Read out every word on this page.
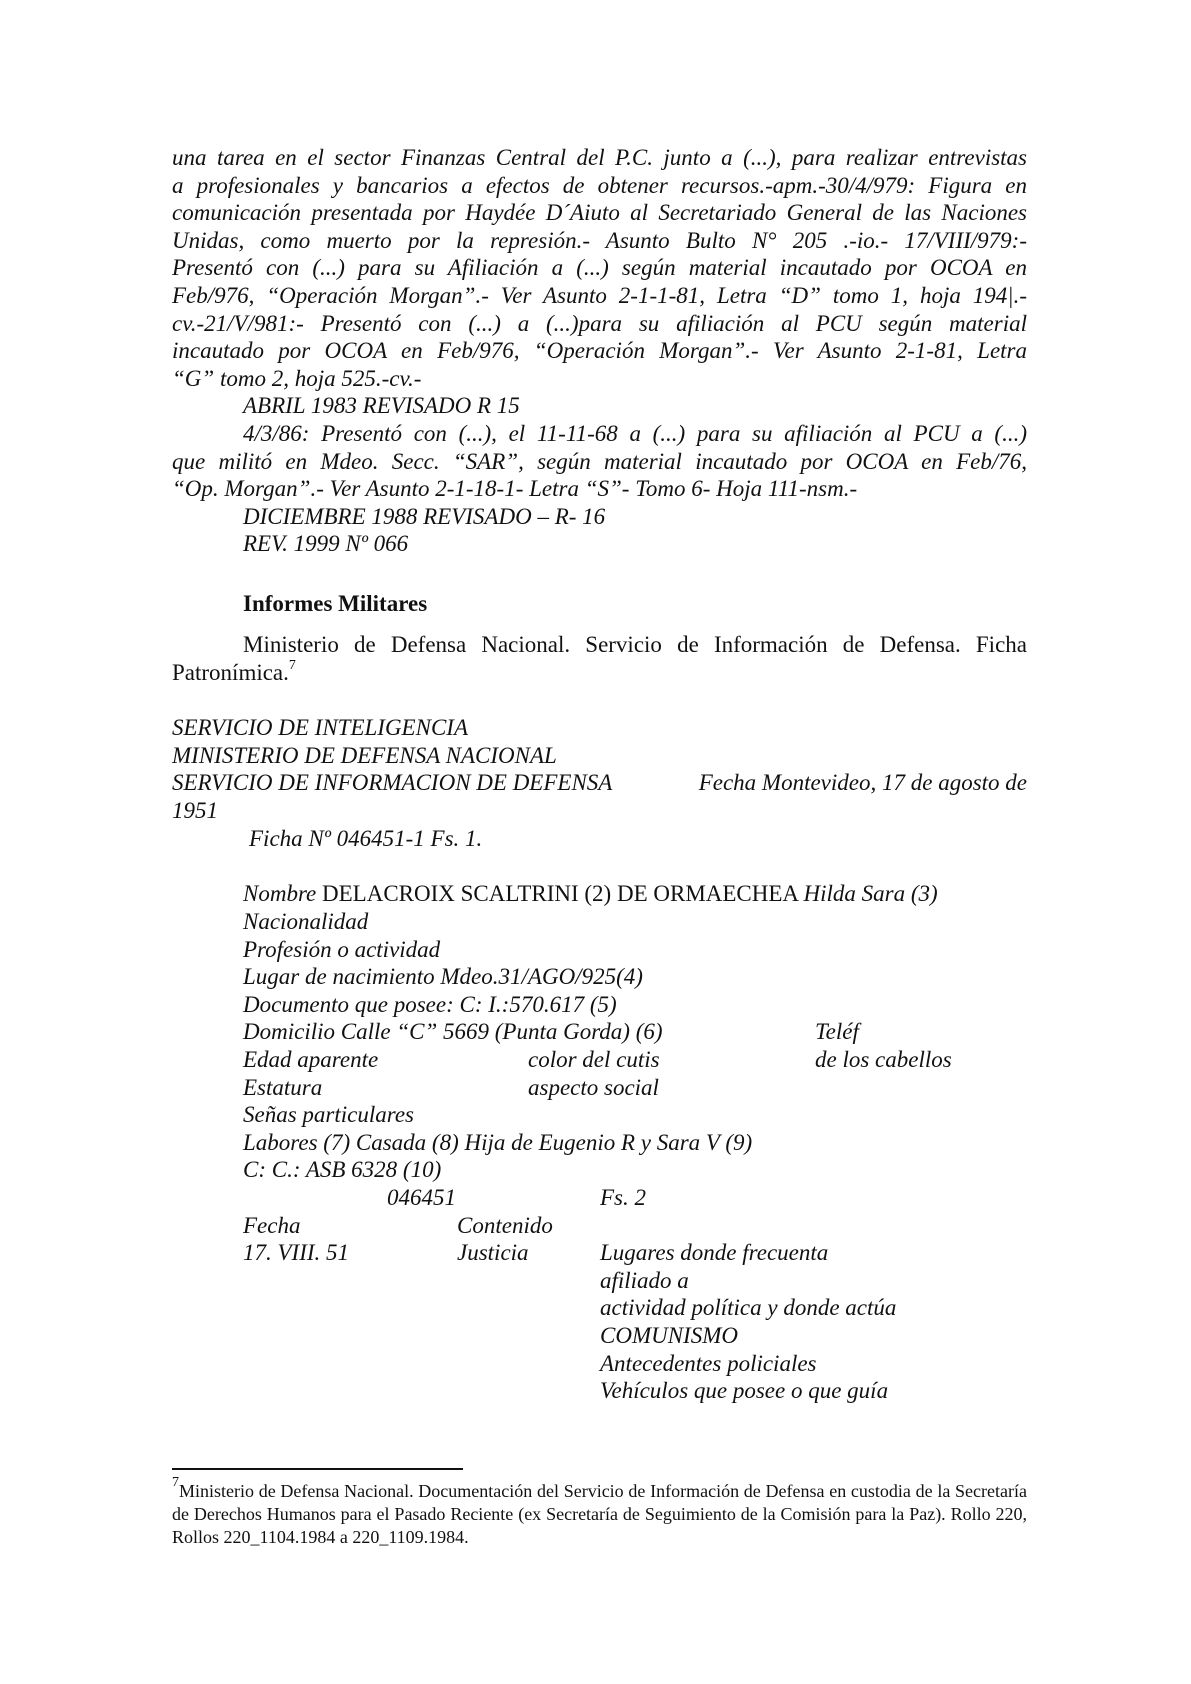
una tarea en el sector Finanzas Central del P.C. junto a (...), para realizar entrevistas
a profesionales y bancarios a efectos de obtener recursos.-apm.-30/4/979: Figura en
comunicación presentada por Haydée D´Aiuto al Secretariado General de las Naciones
Unidas, como muerto por la represión.- Asunto Bulto N° 205 .-io.- 17/VIII/979:-
Presentó con (...) para su Afiliación a (...) según material incautado por OCOA en
Feb/976, “Operación Morgan”.- Ver Asunto 2-1-1-81, Letra “D” tomo 1, hoja 194|.-
cv.-21/V/981:- Presentó con (...) a (...)para su afiliación al PCU según material
incautado por OCOA en Feb/976, “Operación Morgan”.- Ver Asunto 2-1-81, Letra
“G” tomo 2, hoja 525.-cv.-
ABRIL 1983 REVISADO R 15
4/3/86: Presentó con (...), el 11-11-68 a (...) para su afiliación al PCU a (...)
que militó en Mdeo. Secc. “SAR”, según material incautado por OCOA en Feb/76,
“Op. Morgan”.- Ver Asunto 2-1-18-1- Letra “S”- Tomo 6- Hoja 111-nsm.-
DICIEMBRE 1988 REVISADO – R- 16
REV. 1999 Nº 066
Informes Militares
Ministerio de Defensa Nacional. Servicio de Información de Defensa. Ficha
Patronímica.$^7$
SERVICIO DE INTELIGENCIA
MINISTERIO DE DEFENSA NACIONAL
SERVICIO DE INFORMACION DE DEFENSA	Fecha Montevideo, 17 de agosto de
1951
Ficha Nº 046451-1 Fs. 1.
Nombre DELACROIX SCALTRINI (2) DE ORMAECHEA Hilda Sara (3)
Nacionalidad
Profesión o actividad
Lugar de nacimiento Mdeo.31/AGO/925(4)
Documento que posee: C: I.:570.617 (5)
Domicilio Calle “C” 5669 (Punta Gorda) (6)	Teléf
Edad aparente	color del cutis	de los cabellos
Estatura	aspecto social
Señas particulares
Labores (7) Casada (8) Hija de Eugenio R y Sara V (9)
C: C.: ASB 6328 (10)
046451	Fs. 2
Fecha	Contenido
17. VIII. 51	Justicia	Lugares donde frecuenta
afiliado a
actividad política y donde actúa
COMUNISMO
Antecedentes policiales
Vehículos que posee o que guía
$^7$Ministerio de Defensa Nacional. Documentación del Servicio de Información de Defensa en custodia de la Secretaría de Derechos Humanos para el Pasado Reciente (ex Secretaría de Seguimiento de la Comisión para la Paz). Rollo 220, Rollos 220_1104.1984 a 220_1109.1984.
